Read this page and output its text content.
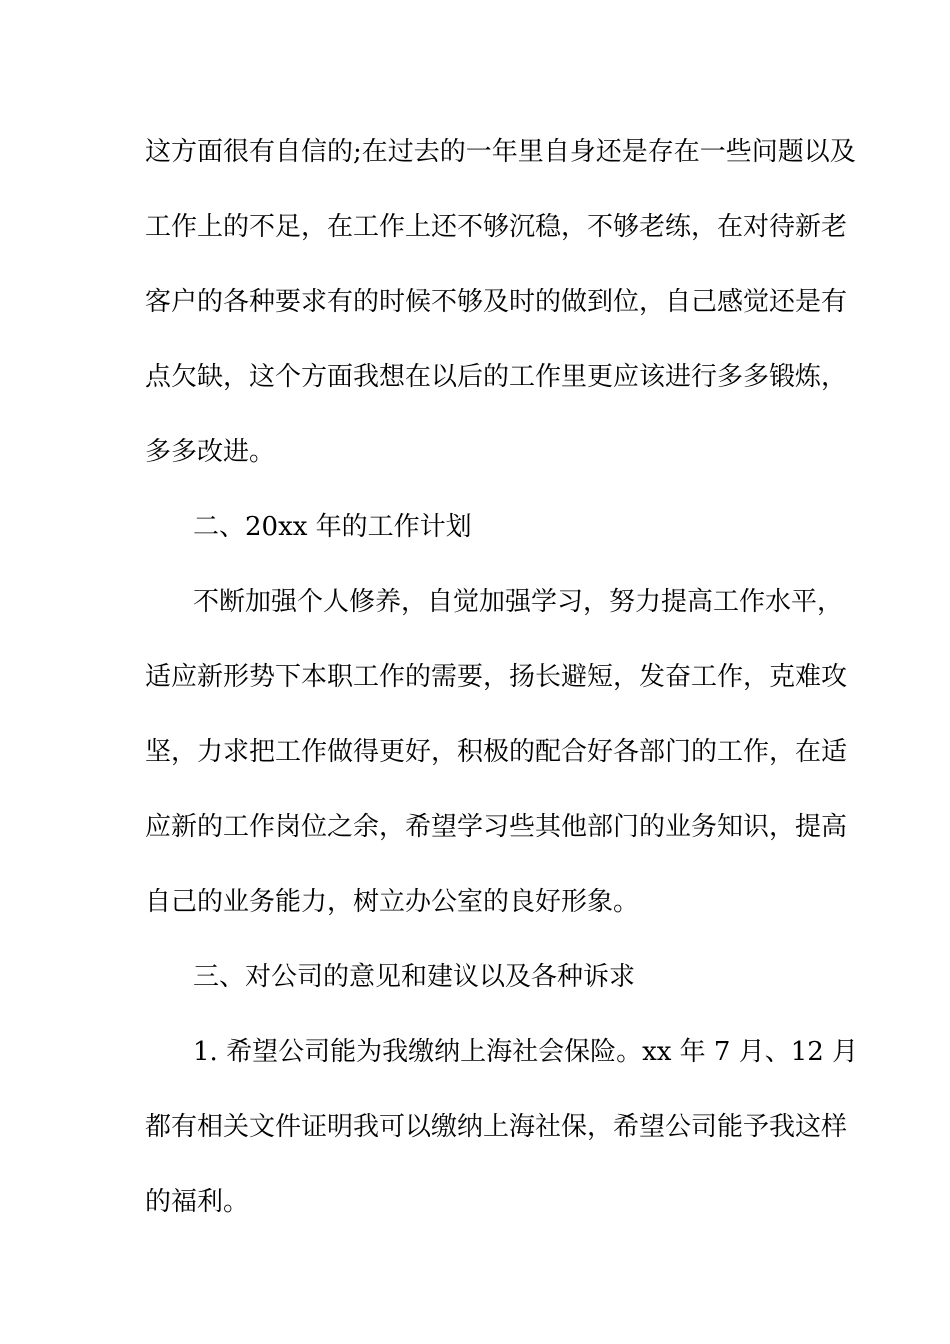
这方面很有自信的;在过去的一年里自身还是存在一些问题以及
工作上的不足，在工作上还不够沉稳，不够老练，在对待新老
客户的各种要求有的时候不够及时的做到位，自己感觉还是有
点欠缺，这个方面我想在以后的工作里更应该进行多多锻炼，
多多改进。
二、20xx 年的工作计划
不断加强个人修养，自觉加强学习，努力提高工作水平，
适应新形势下本职工作的需要，扬长避短，发奋工作，克难攻
坚，力求把工作做得更好，积极的配合好各部门的工作，在适
应新的工作岗位之余，希望学习些其他部门的业务知识，提高
自己的业务能力，树立办公室的良好形象。
三、对公司的意见和建议以及各种诉求
1. 希望公司能为我缴纳上海社会保险。xx 年 7 月、12 月
都有相关文件证明我可以缴纳上海社保，希望公司能予我这样
的福利。
